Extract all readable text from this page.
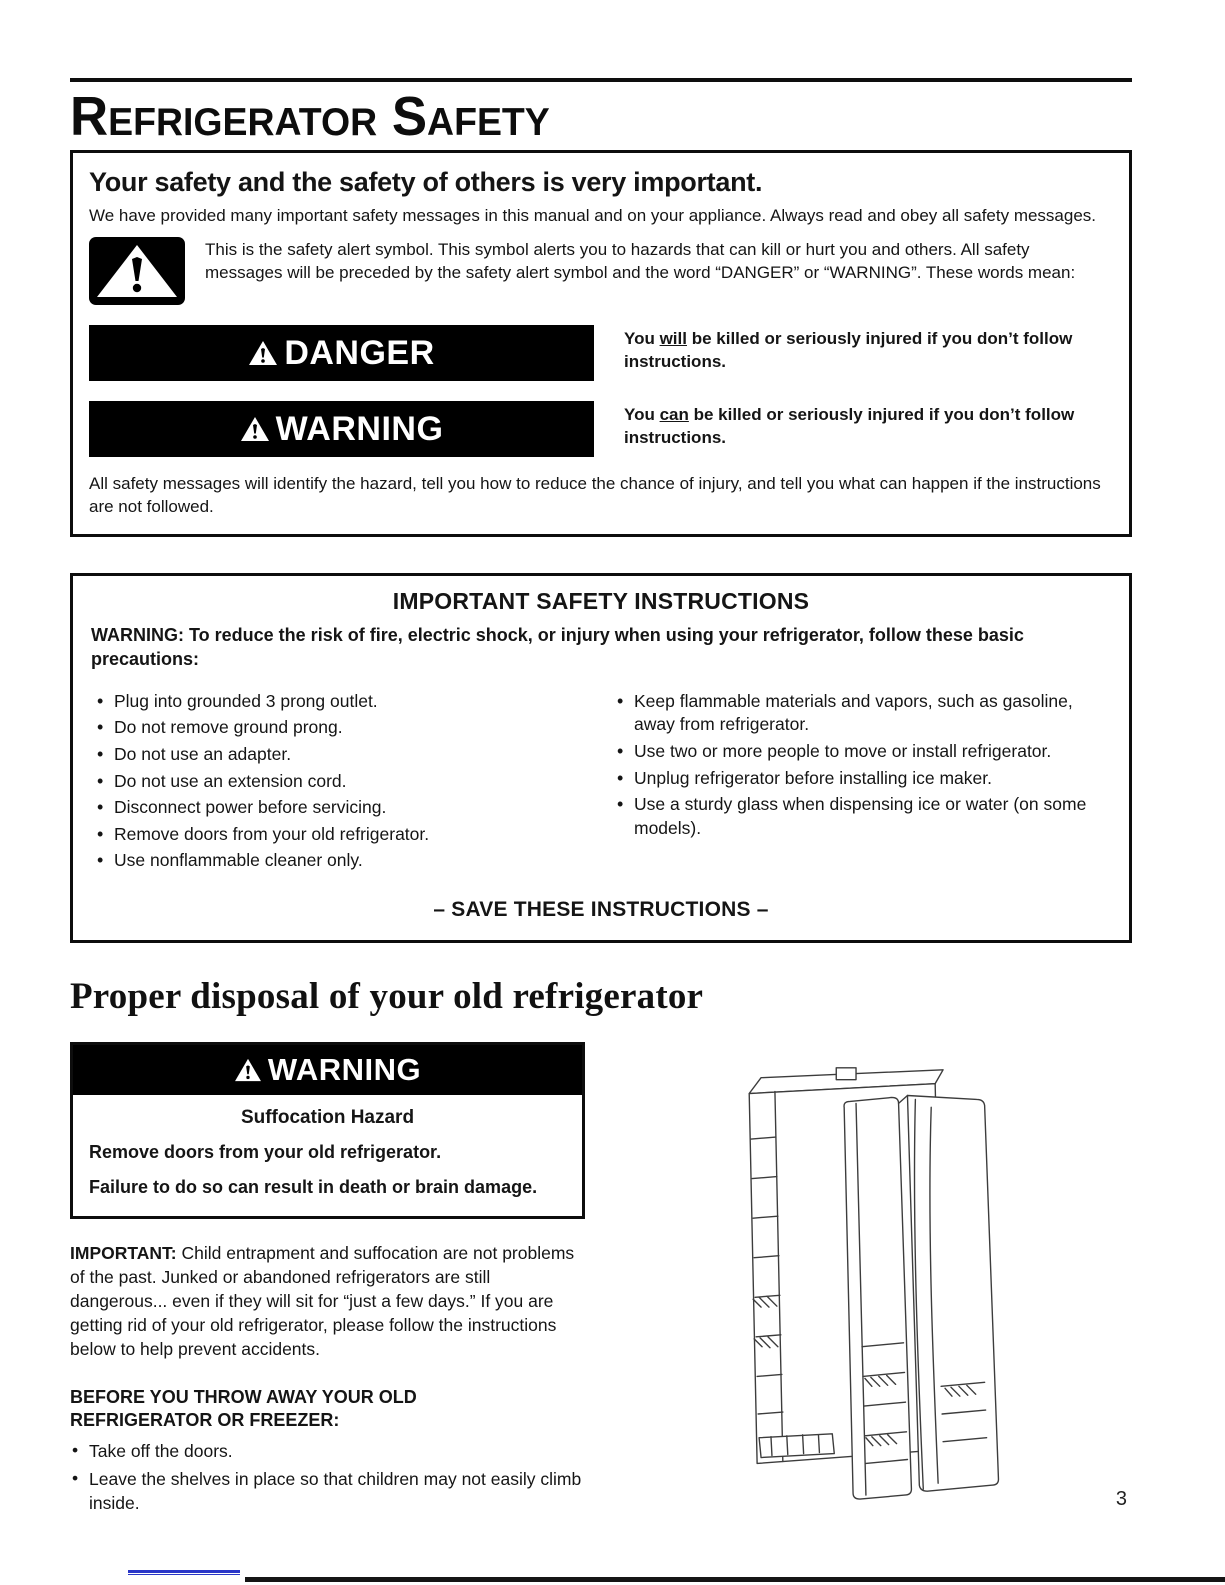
Refrigerator Safety
Your safety and the safety of others is very important.

We have provided many important safety messages in this manual and on your appliance. Always read and obey all safety messages.

This is the safety alert symbol. This symbol alerts you to hazards that can kill or hurt you and others. All safety messages will be preceded by the safety alert symbol and the word “DANGER” or “WARNING”. These words mean:

DANGER	You will be killed or seriously injured if you don’t follow instructions.
WARNING	You can be killed or seriously injured if you don’t follow instructions.

All safety messages will identify the hazard, tell you how to reduce the chance of injury, and tell you what can happen if the instructions are not followed.

IMPORTANT SAFETY INSTRUCTIONS

WARNING: To reduce the risk of fire, electric shock, or injury when using your refrigerator, follow these basic precautions:

• Plug into grounded 3 prong outlet.
• Do not remove ground prong.
• Do not use an adapter.
• Do not use an extension cord.
• Disconnect power before servicing.
• Remove doors from your old refrigerator.
• Use nonflammable cleaner only.
• Keep flammable materials and vapors, such as gasoline, away from refrigerator.
• Use two or more people to move or install refrigerator.
• Unplug refrigerator before installing ice maker.
• Use a sturdy glass when dispensing ice or water (on some models).
– SAVE THESE INSTRUCTIONS –
Proper disposal of your old refrigerator
WARNING
Suffocation Hazard
Remove doors from your old refrigerator.
Failure to do so can result in death or brain damage.

IMPORTANT: Child entrapment and suffocation are not problems of the past. Junked or abandoned refrigerators are still dangerous... even if they will sit for “just a few days.” If you are getting rid of your old refrigerator, please follow the instructions below to help prevent accidents.

BEFORE YOU THROW AWAY YOUR OLD REFRIGERATOR OR FREEZER:
• Take off the doors.
• Leave the shelves in place so that children may not easily climb inside.	3
